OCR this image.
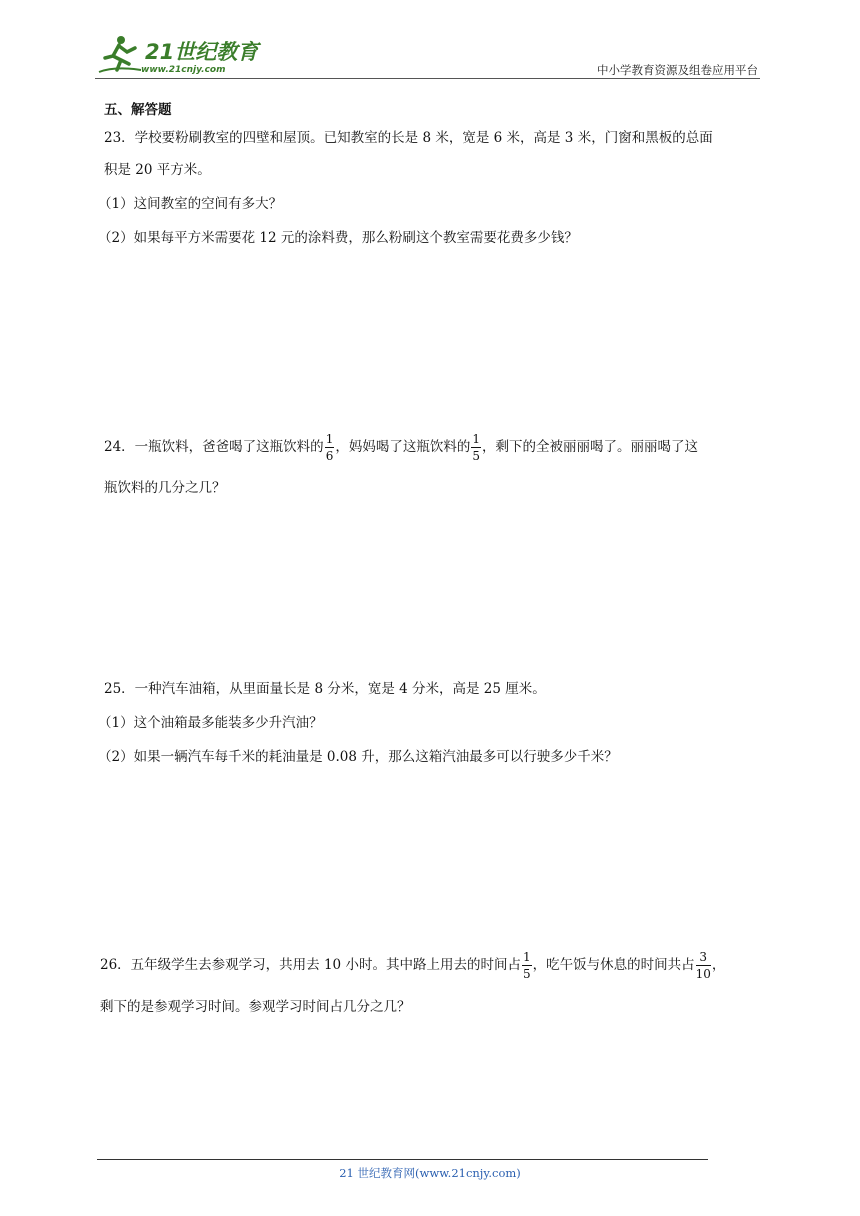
21世纪教育
www.21cnjy.com	中小学教育资源及组卷应用平台
五、解答题
23．学校要粉刷教室的四壁和屋顶。已知教室的长是 8 米，宽是 6 米，高是 3 米，门窗和黑板的总面
积是 20 平方米。
（1）这间教室的空间有多大？
（2）如果每平方米需要花 12 元的涂料费，那么粉刷这个教室需要花费多少钱？
24．一瓶饮料，爸爸喝了这瓶饮料的 $\frac{1}{6}$ ，妈妈喝了这瓶饮料的 $\frac{1}{5}$ ，剩下的全被丽丽喝了。丽丽喝了这
瓶饮料的几分之几？
25．一种汽车油箱，从里面量长是 8 分米，宽是 4 分米，高是 25 厘米。
（1）这个油箱最多能装多少升汽油？
（2）如果一辆汽车每千米的耗油量是 0.08 升，那么这箱汽油最多可以行驶多少千米？
26．五年级学生去参观学习，共用去 10 小时。其中路上用去的时间占 $\frac{1}{5}$ ，吃午饭与休息的时间共占 $\frac{3}{10}$ ，
剩下的是参观学习时间。参观学习时间占几分之几？
21 世纪教育网(www.21cnjy.com)
